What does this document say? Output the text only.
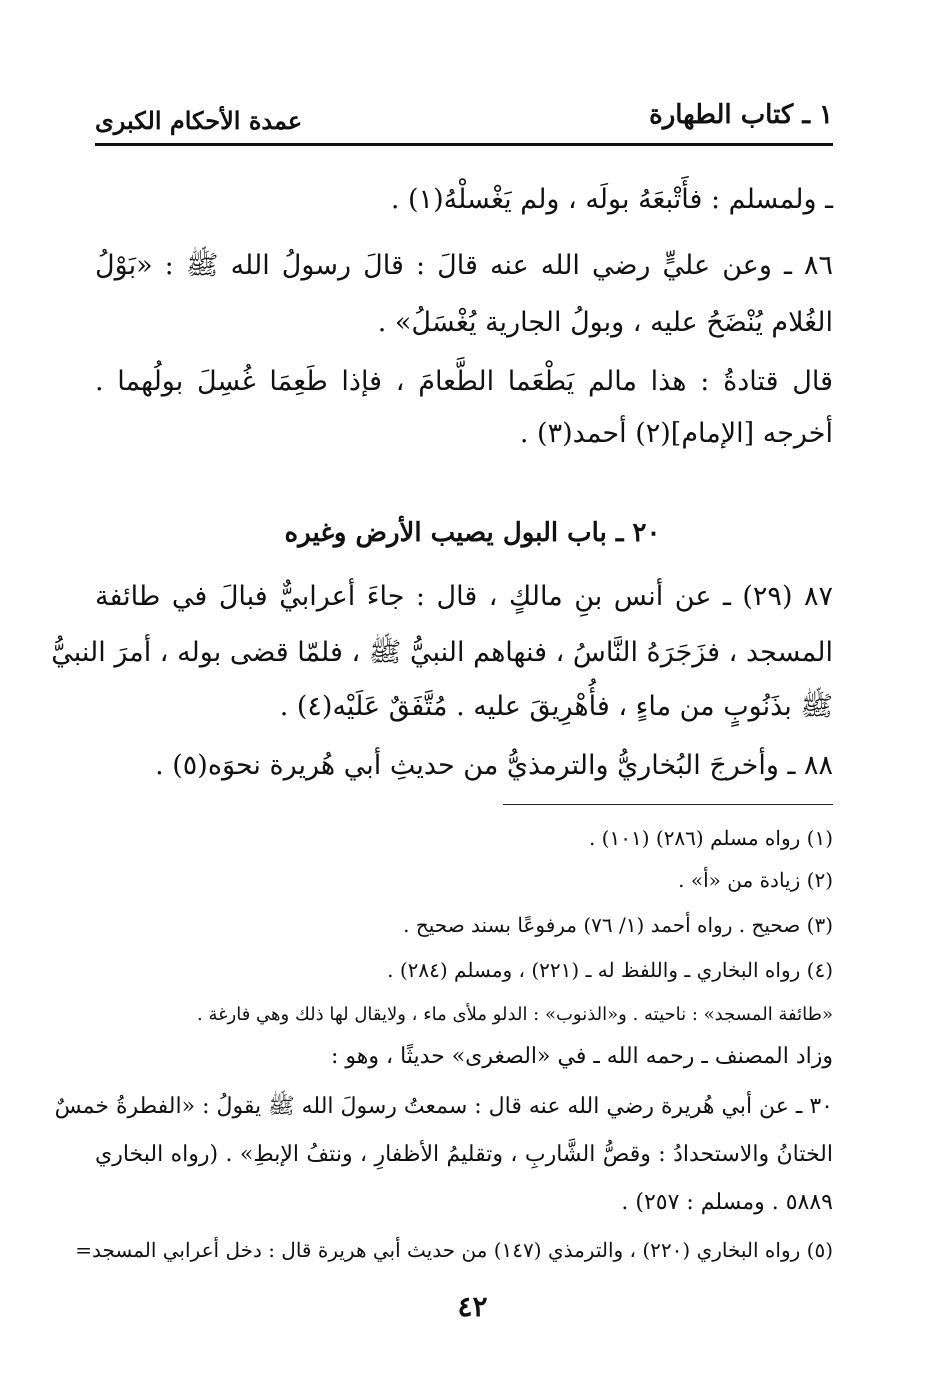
١ ـ كتاب الطهارة
عمدة الأحكام الكبرى
ـ ولمسلم : فأَتْبعَهُ بولَه ، ولم يَغْسلْهُ(١) .
٨٦ ـ وعن عليٍّ رضي الله عنه قالَ : قالَ رسولُ الله ﷺ : «بَوْلُ
الغُلام يُنْضَحُ عليه ، وبولُ الجارية يُغْسَلُ» .
قال قتادةُ : هذا مالم يَطْعَما الطَّعامَ ، فإذا طَعِمَا غُسِلَ بولُهما .
أخرجه [الإمام](٢) أحمد(٣) .
٢٠ ـ باب البول يصيب الأرض وغيره
٨٧ (٢٩) ـ عن أنس بنِ مالكٍ ، قال : جاءَ أعرابيٌّ فبالَ في طائفة
المسجد ، فزَجَرَهُ النَّاسُ ، فنهاهم النبيُّ ﷺ ، فلمّا قضى بوله ، أمرَ النبيُّ
ﷺ بذَنُوبٍ من ماءٍ ، فأُهْرِيقَ عليه . مُتَّفَقٌ عَلَيْه(٤) .
٨٨ ـ وأخرجَ البُخاريُّ والترمذيُّ من حديثِ أبي هُريرة نحوَه(٥) .
(١) رواه مسلم (٢٨٦) (١٠١) .
(٢) زيادة من «أ» .
(٣) صحيح . رواه أحمد (١/ ٧٦) مرفوعًا بسند صحيح .
(٤) رواه البخاري ـ واللفظ له ـ (٢٢١) ، ومسلم (٢٨٤) .
«طائفة المسجد» : ناحيته . و«الذنوب» : الدلو ملأى ماء ، ولايقال لها ذلك وهي فارغة .
وزاد المصنف ـ رحمه الله ـ في «الصغرى» حديثًا ، وهو :
٣٠ ـ عن أبي هُريرة رضي الله عنه قال : سمعتُ رسولَ الله ﷺ يقولُ : «الفطرةُ خمسٌ
الختانُ والاستحدادُ : وقصُّ الشَّاربِ ، وتقليمُ الأظفارِ ، ونتفُ الإبطِ» . (رواه البخاري
٥٨٨٩ . ومسلم : ٢٥٧) .
(٥) رواه البخاري (٢٢٠) ، والترمذي (١٤٧) من حديث أبي هريرة قال : دخل أعرابي المسجد=
٤٢
